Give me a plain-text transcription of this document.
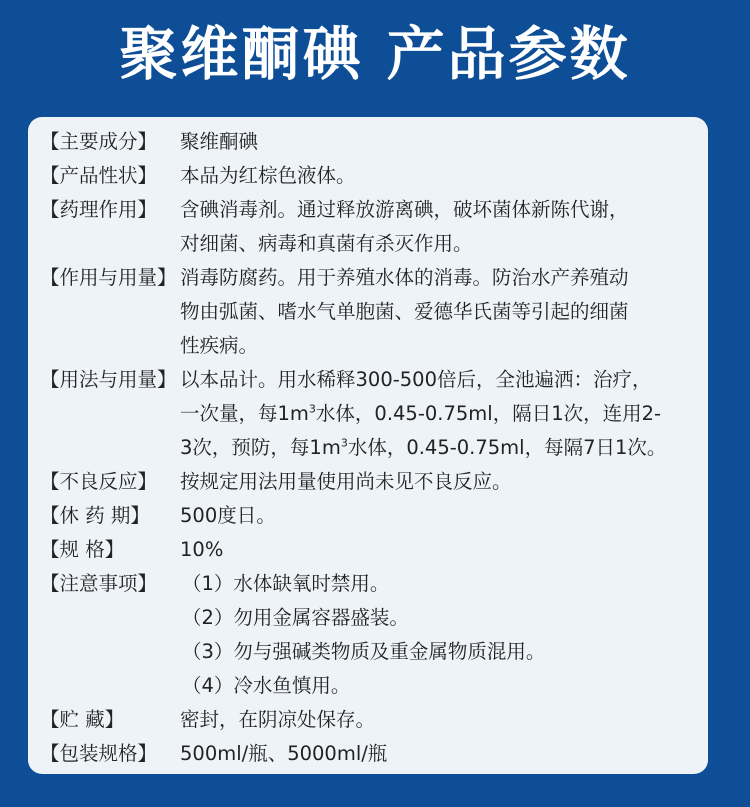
聚维酮碘 产品参数
【主要成分】	聚维酮碘
【产品性状】	本品为红棕色液体。
【药理作用】	含碘消毒剂。通过释放游离碘，破坏菌体新陈代谢，
对细菌、病毒和真菌有杀灭作用。
【作用与用量】 消毒防腐药。用于养殖水体的消毒。防治水产养殖动
物由弧菌、嗜水气单胞菌、爱德华氏菌等引起的细菌
性疾病。
【用法与用量】 以本品计。用水稀释300-500倍后，全池遍洒：治疗，
一次量，每$1m^3$水体，0.45-0.75ml，隔日1次，连用2-
3次，预防，每$1m^3$水体，0.45-0.75ml，每隔7日1次。
【不良反应】	按规定用法用量使用尚未见不良反应。
【休 药 期】	500度日。
【规 格】	10%
【注意事项】	（1）水体缺氧时禁用。
（2）勿用金属容器盛装。
（3）勿与强碱类物质及重金属物质混用。
（4）冷水鱼慎用。
【贮 藏】	密封，在阴凉处保存。
【包装规格】	500ml/瓶、5000ml/瓶
